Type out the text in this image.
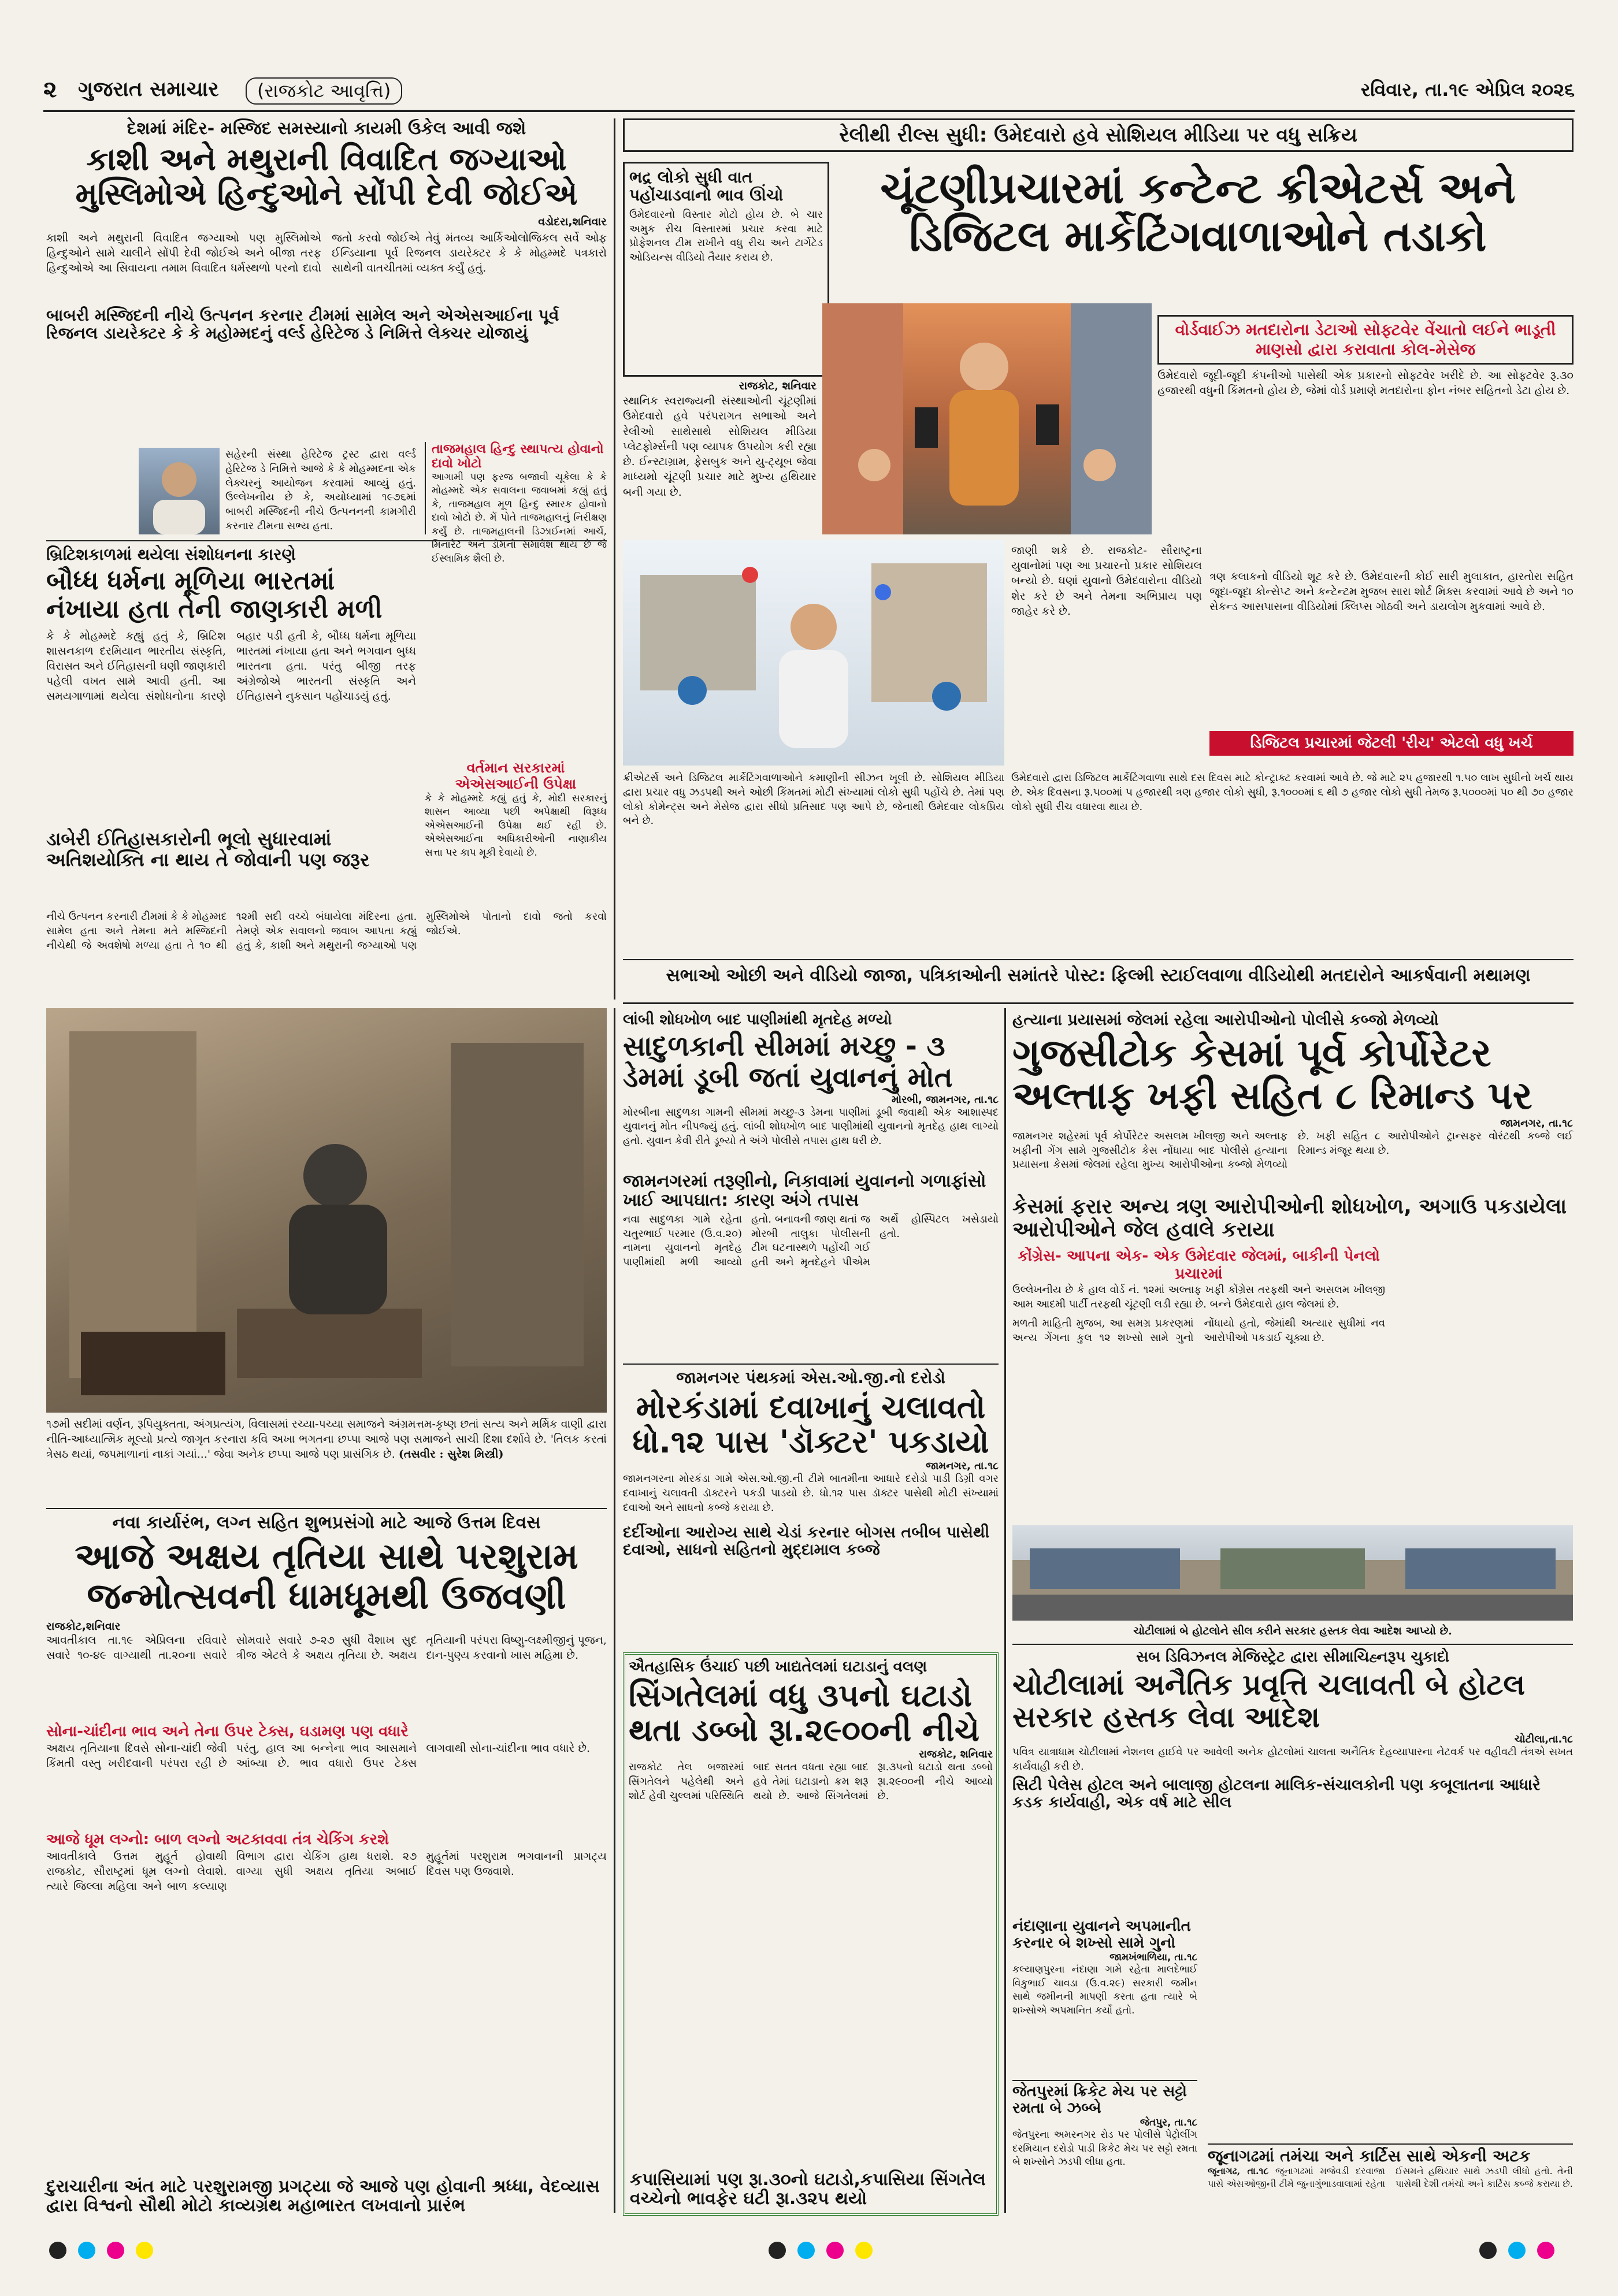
૨ ગુજરાત સમાચાર	(રાજકોટ આવૃત્તિ)	રવિવાર, તા.૧૯ એપ્રિલ ૨૦૨૬
દેશમાં મંદિર- મસ્જિદ સમસ્યાનો કાયમી ઉકેલ આવી જશે
કાશી અને મથુરાની વિવાદિત જગ્યાઓ મુસ્લિમોએ હિન્દુઓને સોંપી દેવી જોઈએ
વડોદરા,શનિવાર
કાશી અને મથુરાની વિવાદિત જગ્યાઓ પણ મુસ્લિમોએ હિન્દુઓને સામે ચાલીને સોંપી દેવી જોઈએ અને બીજા તરફ હિન્દુઓએ આ સિવાયના તમામ વિવાદિત ધર્મસ્થળો પરનો દાવો જતો કરવો જોઈએ તેવું મંતવ્ય આર્કિઓલોજિકલ સર્વે ઓફ ઈન્ડિયાના પૂર્વ રિજનલ ડાયરેક્ટર કે કે મોહમ્મદે પત્રકારો સાથેની વાતચીતમાં વ્યક્ત કર્યું હતું.
બાબરી મસ્જિદની નીચે ઉત્પનન કરનાર ટીમમાં સામેલ અને એએસઆઈના પૂર્વ રિજનલ ડાયરેક્ટર કે કે મહોમ્મદનું વર્લ્ડ હેરિટેજ ડે નિમિત્તે લેક્ચર યોજાયું
સહેરની સંસ્થા હેરિટેજ ટ્રસ્ટ દ્વારા વર્લ્ડ હેરિટેજ ડે નિમિત્તે આજે કે કે મોહમ્મદના એક લેક્ચરનું આયોજન કરવામાં આવ્યું હતું. ઉલ્લેખનીય છે કે, અયોધ્યામાં ૧૯૭૬માં બાબરી મસ્જિદની નીચે ઉત્પનનની કામગીરી કરનાર ટીમના સભ્ય હતા.
તાજમહાલ હિન્દુ સ્થાપત્ય હોવાનો દાવો ખોટો
આગામી પણ ફરજ બજાવી ચૂકેલા કે કે મોહમ્મદે એક સવાલના જવાબમાં કહ્યું હતું કે, તાજમહાલ મૂળ હિન્દુ સ્મારક હોવાનો દાવો ખોટો છે. મેં પોતે તાજમહાલનું નિરીક્ષણ કર્યું છે. તાજમહાલની ડિઝાઈનમાં આર્ચ, મિનારેટ અને ડોમનો સમાવેશ થાય છે જે ઈસ્લામિક શૈલી છે.
બ્રિટિશકાળમાં થયેલા સંશોધનના કારણે
બૌધ્ધ ધર્મના મૂળિયા ભારતમાં નંખાયા હતા તેની જાણકારી મળી
કે કે મોહમ્મદે કહ્યું હતું કે, બ્રિટિશ શાસનકાળ દરમિયાન ભારતીય સંસ્કૃતિ, વિરાસત અને ઈતિહાસની ઘણી જાણકારી પહેલી વખત સામે આવી હતી. આ સમયગાળામાં થયેલા સંશોધનોના કારણે બહાર પડી હતી કે, બૌધ્ધ ધર્મના મૂળિયા ભારતમાં નંખાયા હતા અને ભગવાન બુધ્ધ ભારતના હતા. પરંતુ બીજી તરફ અંગ્રેજોએ ભારતની સંસ્કૃતિ અને ઈતિહાસને નુકસાન પહોંચાડયું હતું.
વર્તમાન સરકારમાં એએસઆઈની ઉપેક્ષા
કે કે મોહમ્મદે કહ્યું હતું કે, મોદી સરકારનું શાસન આવ્યા પછી અપેક્ષાથી વિરૂધ્ધ એએસઆઈની ઉપેક્ષા થઈ રહી છે. એએસઆઈના અધિકારીઓની નાણાકીય સત્તા પર કાપ મૂકી દેવાયો છે.
ડાબેરી ઈતિહાસકારોની ભૂલો સુધારવામાં અતિશયોક્તિ ના થાય તે જોવાની પણ જરૂર
નીચે ઉત્પનન કરનારી ટીમમાં કે કે મોહમ્મદ સામેલ હતા અને તેમના મતે મસ્જિદની નીચેથી જે અવશેષો મળ્યા હતા તે ૧૦ થી ૧૨મી સદી વચ્ચે બંધાયેલા મંદિરના હતા. તેમણે એક સવાલનો જવાબ આપતા કહ્યું હતું કે, કાશી અને મથુરાની જગ્યાઓ પણ મુસ્લિમોએ પોતાનો દાવો જતો કરવો જોઈએ.
૧૭મી સદીમાં વર્ણન, રૂપિયુક્તતા, અંગપ્રત્યંગ, વિલાસમાં રચ્યા-પચ્યા સમાજને અંગ્રમત્તમ-કૃષ્ણ છતાં સત્ય અને મર્મિક વાણી દ્વારા નીતિ-આધ્યાત્મિક મૂલ્યો પ્રત્યે જાગૃત કરનારા કવિ અખા ભગતના છપ્પા આજે પણ સમાજને સાચી દિશા દર્શાવે છે. 'તિલક કરતાં ત્રેસઠ થયાં, જપમાળાનાં નાકાં ગયાં...' જેવા અનેક છપ્પા આજે પણ પ્રાસંગિક છે. (તસવીર : સુરેશ મિસ્ત્રી)
નવા કાર્યારંભ, લગ્ન સહિત શુભપ્રસંગો માટે આજે ઉત્તમ દિવસ
આજે અક્ષય તૃતિયા સાથે પરશુરામ જન્મોત્સવની ધામધૂમથી ઉજવણી
રાજકોટ,શનિવાર
આવતીકાલ તા.૧૯ એપ્રિલના રવિવારે સવારે ૧૦-૪૯ વાગ્યાથી તા.૨૦ના સવારે સોમવારે સવારે ૭-૨૭ સુધી વૈશાખ સુદ ત્રીજ એટલે કે અક્ષય તૃતિયા છે. અક્ષય તૃતિયાની પરંપરા વિષ્ણુ-લક્ષ્મીજીનું પૂજન, દાન-પુણ્ય કરવાનો ખાસ મહિમા છે.
સોના-ચાંદીના ભાવ અને તેના ઉપર ટેક્સ, ઘડામણ પણ વધારે
અક્ષય તૃતિયાના દિવસે સોના-ચાંદી જેવી કિંમતી વસ્તુ ખરીદવાની પરંપરા રહી છે પરંતુ, હાલ આ બન્નેના ભાવ આસમાને આંબ્યા છે. ભાવ વધારો ઉપર ટેક્સ લાગવાથી સોના-ચાંદીના ભાવ વધારે છે.
આજે ધૂમ લગ્નો: બાળ લગ્નો અટકાવવા તંત્ર ચેકિંગ કરશે
આવતીકાલે ઉત્તમ મુહૂર્ત હોવાથી રાજકોટ, સૌરાષ્ટ્રમાં ધૂમ લગ્નો લેવાશે. ત્યારે જિલ્લા મહિલા અને બાળ કલ્યાણ વિભાગ દ્વારા ચેકિંગ હાથ ધરાશે. ૨૭ વાગ્યા સુધી અક્ષય તૃતિયા અબાઈ મુહૂર્તમાં પરશુરામ ભગવાનની પ્રાગટ્ય દિવસ પણ ઉજવાશે.
દુરાચારીના અંત માટે પરશુરામજી પ્રગટ્યા જે આજે પણ હોવાની શ્રધ્ધા, વેદવ્યાસ દ્વારા વિશ્વનો સૌથી મોટો કાવ્યગ્રંથ મહાભારત લખવાનો પ્રારંભ
રેલીથી રીલ્સ સુધી: ઉમેદવારો હવે સોશિયલ મીડિયા પર વધુ સક્રિય
ભદ્ર લોકો સુધી વાત પહોંચાડવાનો ભાવ ઊંચો
ઉમેદવારનો વિસ્તાર મોટો હોય છે. બે ચાર અમુક રીચ વિસ્તારમાં પ્રચાર કરવા માટે પ્રોફેશનલ ટીમ રાખીને વધુ રીચ અને ટાર્ગેટેડ ઓડિયન્સ વીડિયો તૈયાર કરાય છે.
ચૂંટણીપ્રચારમાં કન્ટેન્ટ ક્રીએટર્સ અને ડિજિટલ માર્કેટિંગવાળાઓને તડાકો
રાજકોટ, શનિવાર
સ્થાનિક સ્વરાજ્યની સંસ્થાઓની ચૂંટણીમાં ઉમેદવારો હવે પરંપરાગત સભાઓ અને રેલીઓ સાથેસાથે સોશિયલ મીડિયા પ્લેટફોર્મ્સની પણ વ્યાપક ઉપયોગ કરી રહ્યા છે. ઈન્સ્ટાગ્રામ, ફેસબુક અને યુ-ટ્યૂબ જેવા માધ્યમો ચૂંટણી પ્રચાર માટે મુખ્ય હથિયાર બની ગયા છે.
વોર્ડવાઈઝ મતદારોના ડેટાઓ સોફ્ટવેર વેંચાતો લઈને ભાડૂતી માણસો દ્વારા કરાવાતા કોલ-મેસેજ
ઉમેદવારો જૂદી-જૂદી કંપનીઓ પાસેથી એક પ્રકારનો સોફ્ટવેર ખરીદે છે. આ સોફ્ટવેર રૂ.૩૦ હજારથી વધુની કિંમતનો હોય છે, જેમાં વોર્ડ પ્રમાણે મતદારોના ફોન નંબર સહિતનો ડેટા હોય છે.
જાણી શકે છે. રાજકોટ- સૌરાષ્ટ્રના યુવાનોમાં પણ આ પ્રચારનો પ્રકાર સોશિયલ બન્યો છે. ઘણાં યુવાનો ઉમેદવારોના વીડિયો શેર કરે છે અને તેમના અભિપ્રાય પણ જાહેર કરે છે.
ત્રણ કલાકનો વીડિયો શૂટ કરે છે. ઉમેદવારની કોઈ સારી મુલાકાત, હારતોરા સહિત જૂદા-જૂદા કોન્સેપ્ટ અને કન્ટેન્ટમ મુજબ સારા શોર્ટ મિક્સ કરવામાં આવે છે અને ૧૦ સેકન્ડ આસપાસના વીડિયોમાં ક્લિપ્સ ગોઠવી અને ડાયલોગ મુકવામાં આવે છે.
ડિજિટલ પ્રચારમાં જેટલી 'રીચ' એટલો વધુ ખર્ચ
ઉમેદવારો દ્વારા ડિજિટલ માર્કેટિંગવાળા સાથે દસ દિવસ માટે કોન્ટ્રાક્ટ કરવામાં આવે છે. જે માટે ૨૫ હજારથી ૧.૫૦ લાખ સુધીનો ખર્ચ થાય છે. એક દિવસના રૂ.૫૦૦માં ૫ હજારથી ત્રણ હજાર લોકો સુધી, રૂ.૧૦૦૦માં ૬ થી ૭ હજાર લોકો સુધી તેમજ રૂ.૫૦૦૦માં ૫૦ થી ૭૦ હજાર લોકો સુધી રીચ વધારવા થાય છે.
ક્રીએટર્સ અને ડિજિટલ માર્કેટિંગવાળાઓને કમાણીની સીઝન ખૂલી છે. સોશિયલ મીડિયા દ્વારા પ્રચાર વધુ ઝડપથી અને ઓછી કિંમતમાં મોટી સંખ્યામાં લોકો સુધી પહોંચે છે. તેમાં પણ લોકો કોમેન્ટ્સ અને મેસેજ દ્વારા સીધો પ્રતિસાદ પણ આપે છે, જેનાથી ઉમેદવાર લોકપ્રિય બને છે.
સભાઓ ઓછી અને વીડિયો જાજા, પત્રિકાઓની સમાંતરે પોસ્ટ: ફિલ્મી સ્ટાઈલવાળા વીડિયોથી મતદારોને આકર્ષવાની મથામણ
લાંબી શોધખોળ બાદ પાણીમાંથી મૃતદેહ મળ્યો
સાદુળકાની સીમમાં મચ્છુ - ૩ ડેમમાં ડૂબી જતાં યુવાનનું મોત
મોરબી, જામનગર, તા.૧૮
મોરબીના સાદુળકા ગામની સીમમાં મચ્છુ-૩ ડેમના પાણીમાં ડૂબી જવાથી એક આશાસ્પદ યુવાનનું મોત નીપજ્યું હતું. લાંબી શોધખોળ બાદ પાણીમાંથી યુવાનનો મૃતદેહ હાથ લાગ્યો હતો. યુવાન કેવી રીતે ડૂબ્યો તે અંગે પોલીસે તપાસ હાથ ધરી છે.
જામનગરમાં તરૂણીનો, નિકાવામાં યુવાનનો ગળાફાંસો ખાઈ આપઘાત: કારણ અંગે તપાસ
નવા સાદુળકા ગામે રહેતા ચતુરભાઈ પરમાર (ઉ.વ.૨૦) નામના યુવાનનો મૃતદેહ પાણીમાંથી મળી આવ્યો હતો. બનાવની જાણ થતાં જ મોરબી તાલુકા પોલીસની ટીમ ઘટનાસ્થળે પહોંચી ગઈ હતી અને મૃતદેહને પીએમ અર્થે હોસ્પિટલ ખસેડાયો હતો.
જામનગર પંથકમાં એસ.ઓ.જી.નો દરોડો
મોરકંડામાં દવાખાનું ચલાવતો ધો.૧૨ પાસ 'ડૉક્ટર' પકડાયો
જામનગર, તા.૧૮
જામનગરના મોરકંડા ગામે એસ.ઓ.જી.ની ટીમે બાતમીના આધારે દરોડો પાડી ડિગ્રી વગર દવાખાનું ચલાવતી ડૉક્ટરને પકડી પાડયો છે. ધો.૧૨ પાસ ડૉક્ટર પાસેથી મોટી સંખ્યામાં દવાઓ અને સાધનો કબ્જે કરાયા છે.
દર્દીઓના આરોગ્ય સાથે ચેડાં કરનાર બોગસ તબીબ પાસેથી દવાઓ, સાધનો સહિતનો મુદ્દામાલ કબ્જે
ઐતહાસિક ઉંચાઈ પછી ખાદ્યતેલમાં ઘટાડાનું વલણ
સિંગતેલમાં વધુ ૩૫નો ઘટાડો થતા ડબ્બો રૂા.૨૯૦૦ની નીચે
રાજકોટ, શનિવાર
રાજકોટ તેલ બજારમાં સિંગતેલને પહેલેથી અને શોર્ટ હેવી ચુલ્લમાં પરિસ્થિતિ બાદ સતત વધતા રહ્યા બાદ હવે તેમાં ઘટાડાનો ક્રમ શરૂ થયો છે. આજે સિંગતેલમાં રૂા.૩૫નો ઘટાડો થતા ડબ્બો રૂા.૨૯૦૦ની નીચે આવ્યો છે.
કપાસિયામાં પણ રૂા.૩૦નો ઘટાડો,કપાસિયા સિંગતેલ વચ્ચેનો ભાવફેર ઘટી રૂા.૩૨૫ થયો
હત્યાના પ્રયાસમાં જેલમાં રહેલા આરોપીઓનો પોલીસે કબ્જો મેળવ્યો
ગુજસીટોક કેસમાં પૂર્વ કોર્પોરેટર અલ્તાફ ખફી સહિત ૮ રિમાન્ડ પર
જામનગર, તા.૧૮
જામનગર શહેરમાં પૂર્વ કોર્પોરેટર અસલમ ખીલજી અને અલ્તાફ ખફીની ગેંગ સામે ગુજસીટોક કેસ નોંધાયા બાદ પોલીસે હત્યાના પ્રયાસના કેસમાં જેલમાં રહેલા મુખ્ય આરોપીઓના કબ્જો મેળવ્યો છે. ખફી સહિત ૮ આરોપીઓને ટ્રાન્સફર વોરંટથી કબ્જે લઈ રિમાન્ડ મંજૂર થયા છે.
કેસમાં ફરાર અન્ય ત્રણ આરોપીઓની શોધખોળ, અગાઉ પકડાયેલા આરોપીઓને જેલ હવાલે કરાયા
કોંગ્રેસ- આપના એક- એક ઉમેદવાર જેલમાં, બાકીની પેનલો પ્રચારમાં
ઉલ્લેખનીય છે કે હાલ વોર્ડ નં. ૧૨માં અલ્તાફ ખફી કોંગ્રેસ તરફથી અને અસલમ ખીલજી આમ આદમી પાર્ટી તરફથી ચૂંટણી લડી રહ્યા છે. બન્ને ઉમેદવારો હાલ જેલમાં છે.
મળતી માહિતી મુજબ, આ સમગ્ર પ્રકરણમાં અન્ય ગેંગના કુલ ૧૨ શખ્સો સામે ગુનો નોંધાયો હતો, જેમાંથી અત્યાર સુધીમાં નવ આરોપીઓ પકડાઈ ચૂક્યા છે.
ચોટીલામાં બે હોટલોને સીલ કરીને સરકાર હસ્તક લેવા આદેશ આપ્યો છે.
સબ ડિવિઝનલ મેજિસ્ટ્રેટ દ્વારા સીમાચિહ્નરૂપ ચુકાદો
ચોટીલામાં અનૈતિક પ્રવૃત્તિ ચલાવતી બે હોટલ સરકાર હસ્તક લેવા આદેશ
ચોટીલા,તા.૧૮
પવિત્ર યાત્રાધામ ચોટીલામાં નેશનલ હાઈવે પર આવેલી અનેક હોટલોમાં ચાલતા અનૈતિક દેહવ્યાપારના નેટવર્ક પર વહીવટી તંત્રએ સખત કાર્યવાહી કરી છે.
સિટી પેલેસ હોટલ અને બાલાજી હોટલના માલિક-સંચાલકોની પણ કબૂલાતના આધારે કડક કાર્યવાહી, એક વર્ષ માટે સીલ
નંદાણાના યુવાનને અપમાનીત કરનાર બે શખ્સો સામે ગુનો
જામખંભાળિયા, તા.૧૮
કલ્યાણપુરના નંદાણા ગામે રહેતા માલદેભાઈ વિકુભાઈ ચાવડા (ઉ.વ.૨૯) સરકારી જમીન સાથે જમીનની માપણી કરતા હતા ત્યારે બે શખ્સોએ અપમાનિત કર્યો હતો.
જેતપુરમાં ક્રિકેટ મેચ પર સટ્ટો રમતા બે ઝબ્બે
જેતપુર, તા.૧૮
જેતપુરના અમરનગર રોડ પર પોલીસે પેટ્રોલીંગ દરમિયાન દરોડો પાડી ક્રિકેટ મેચ પર સટ્ટો રમતા બે શખ્સોને ઝડપી લીધા હતા.	જૂનાગઢમાં તમંચા અને કાર્ટિસ સાથે એકની અટક
જૂનાગઢ, તા.૧૮ જૂનાગઢમાં મજેવડી દરવાજા પાસે એસઓજીની ટીમે જુનાગુંભાડવાલામાં રહેતા ઈસમને હથિયાર સાથે ઝડપી લીધો હતો. તેની પાસેથી દેશી તમંચો અને કાર્ટિસ કબ્જે કરાયા છે.
